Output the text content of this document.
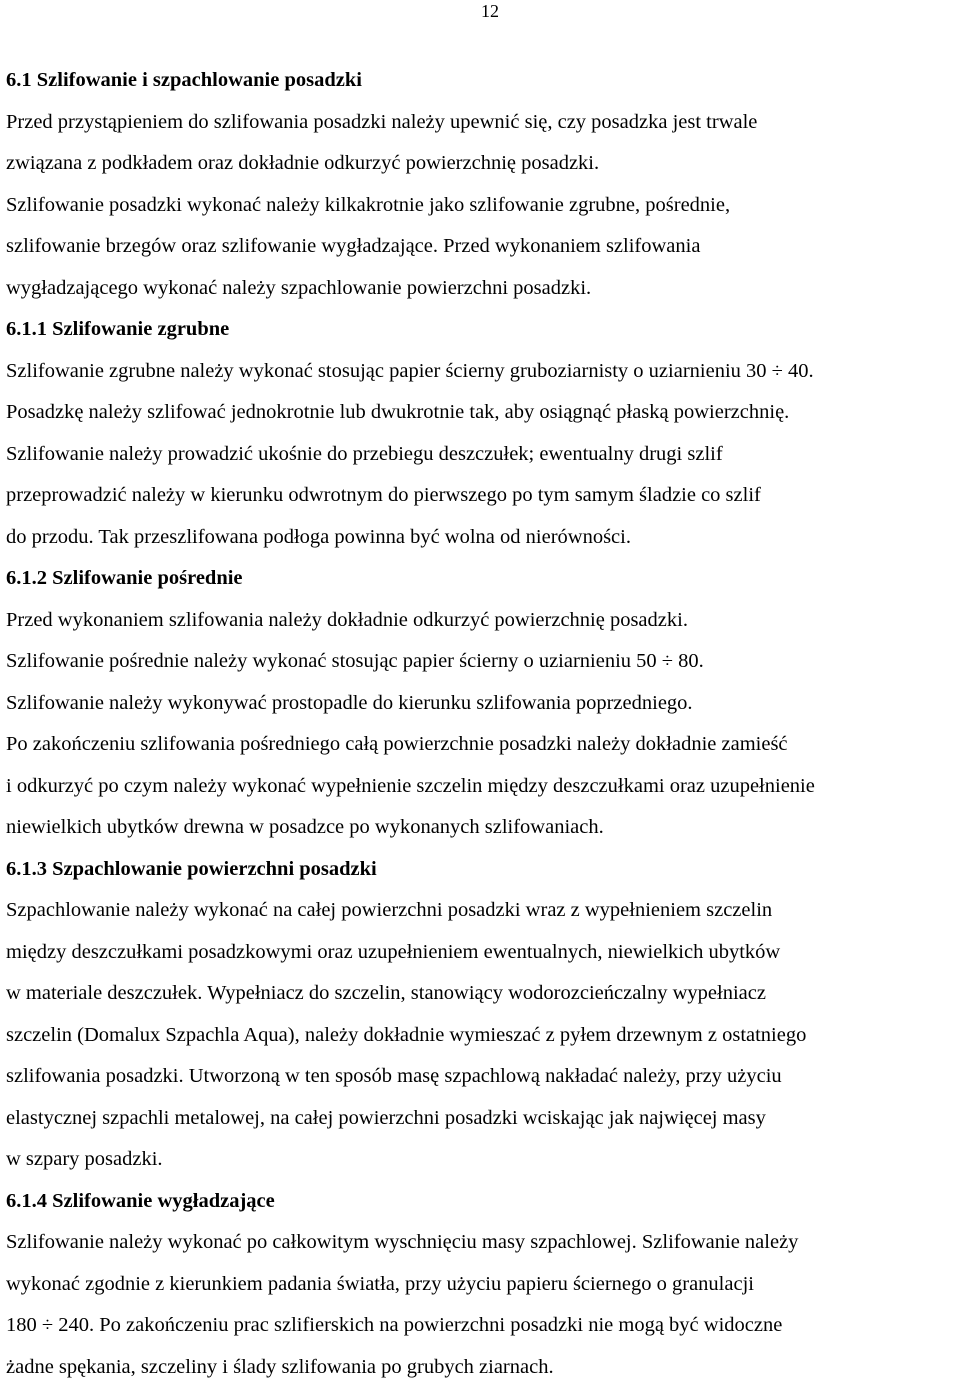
12
6.1 Szlifowanie i szpachlowanie posadzki
Przed przystąpieniem do szlifowania posadzki należy upewnić się, czy posadzka jest trwale
związana z podkładem oraz dokładnie odkurzyć powierzchnię posadzki.
Szlifowanie posadzki wykonać należy kilkakrotnie jako szlifowanie zgrubne, pośrednie,
szlifowanie brzegów oraz szlifowanie wygładzające. Przed wykonaniem szlifowania
wygładzającego wykonać należy szpachlowanie powierzchni posadzki.
6.1.1 Szlifowanie zgrubne
Szlifowanie zgrubne należy wykonać stosując papier ścierny gruboziarnisty o uziarnieniu 30 ÷ 40.
Posadzkę należy szlifować jednokrotnie lub dwukrotnie tak, aby osiągnąć płaską powierzchnię.
Szlifowanie należy prowadzić ukośnie do przebiegu deszczułek; ewentualny drugi szlif
przeprowadzić należy w kierunku odwrotnym do pierwszego po tym samym śladzie co szlif
do przodu. Tak przeszlifowana podłoga powinna być wolna od nierówności.
6.1.2 Szlifowanie pośrednie
Przed wykonaniem szlifowania należy dokładnie odkurzyć powierzchnię posadzki.
Szlifowanie pośrednie należy wykonać stosując papier ścierny o uziarnieniu 50 ÷ 80.
Szlifowanie należy wykonywać prostopadle do kierunku szlifowania poprzedniego.
Po zakończeniu szlifowania pośredniego całą powierzchnie posadzki należy dokładnie zamieść
i odkurzyć po czym należy wykonać wypełnienie szczelin między deszczułkami oraz uzupełnienie
niewielkich ubytków drewna w posadzce po wykonanych szlifowaniach.
6.1.3 Szpachlowanie powierzchni posadzki
Szpachlowanie należy wykonać na całej powierzchni posadzki wraz z wypełnieniem szczelin
między deszczułkami posadzkowymi oraz uzupełnieniem ewentualnych, niewielkich ubytków
w materiale deszczułek. Wypełniacz do szczelin, stanowiący wodorozcieńczalny wypełniacz
szczelin (Domalux Szpachla Aqua), należy dokładnie wymieszać z pyłem drzewnym z ostatniego
szlifowania posadzki. Utworzoną w ten sposób masę szpachlową nakładać należy, przy użyciu
elastycznej szpachli metalowej, na całej powierzchni posadzki wciskając jak najwięcej masy
w szpary posadzki.
6.1.4 Szlifowanie wygładzające
Szlifowanie należy wykonać po całkowitym wyschnięciu masy szpachlowej. Szlifowanie należy
wykonać zgodnie z kierunkiem padania światła, przy użyciu papieru ściernego o granulacji
180 ÷ 240. Po zakończeniu prac szlifierskich na powierzchni posadzki nie mogą być widoczne
żadne spękania, szczeliny i ślady szlifowania po grubych ziarnach.
